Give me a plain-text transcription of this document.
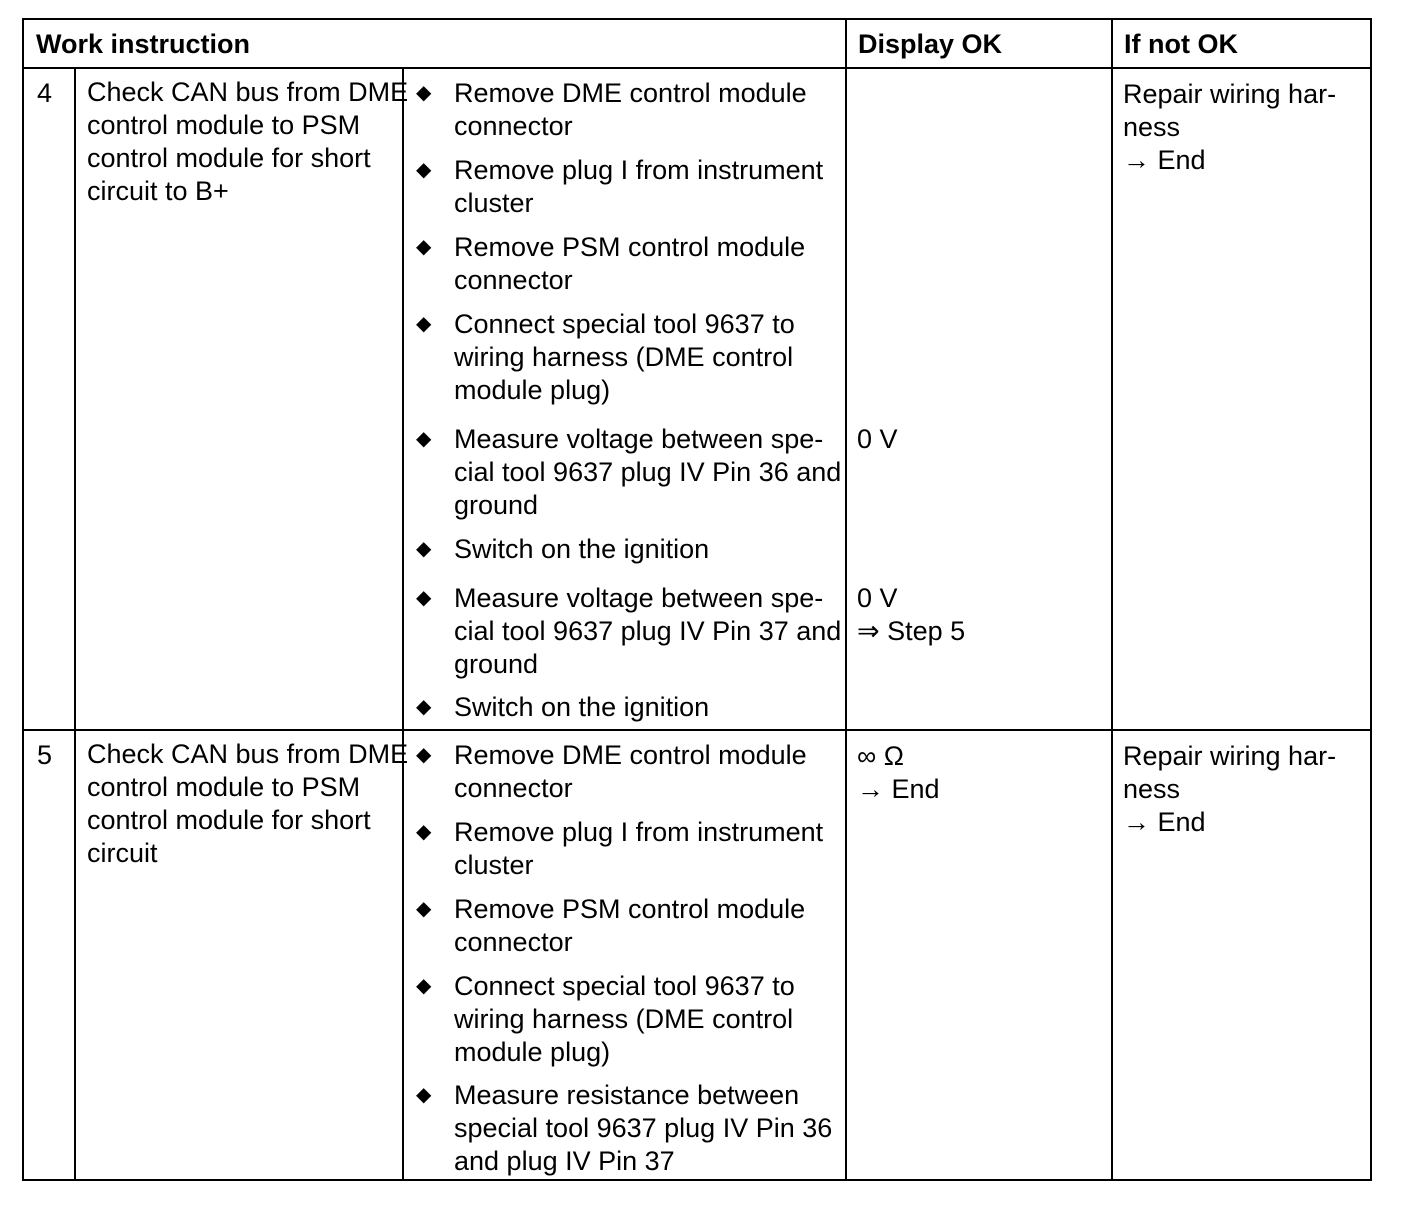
Work instruction	Display OK	If not OK
4 Check CAN bus from DME
control module to PSM
control module for short
circuit to B+
◆ Remove DME control module
connector
◆ Remove plug I from instrument
cluster
◆ Remove PSM control module
connector
◆ Connect special tool 9637 to
wiring harness (DME control
module plug)
◆ Measure voltage between spe-
cial tool 9637 plug IV Pin 36 and
ground
◆ Switch on the ignition
◆ Measure voltage between spe-
cial tool 9637 plug IV Pin 37 and
ground
◆ Switch on the ignition
0 V
0 V
⇒ Step 5
Repair wiring har-
ness
→ End
5 Check CAN bus from DME
control module to PSM
control module for short
circuit
◆ Remove DME control module
connector
◆ Remove plug I from instrument
cluster
◆ Remove PSM control module
connector
◆ Connect special tool 9637 to
wiring harness (DME control
module plug)
◆ Measure resistance between
special tool 9637 plug IV Pin 36
and plug IV Pin 37
∞ Ω
→ End
Repair wiring har-
ness
→ End
